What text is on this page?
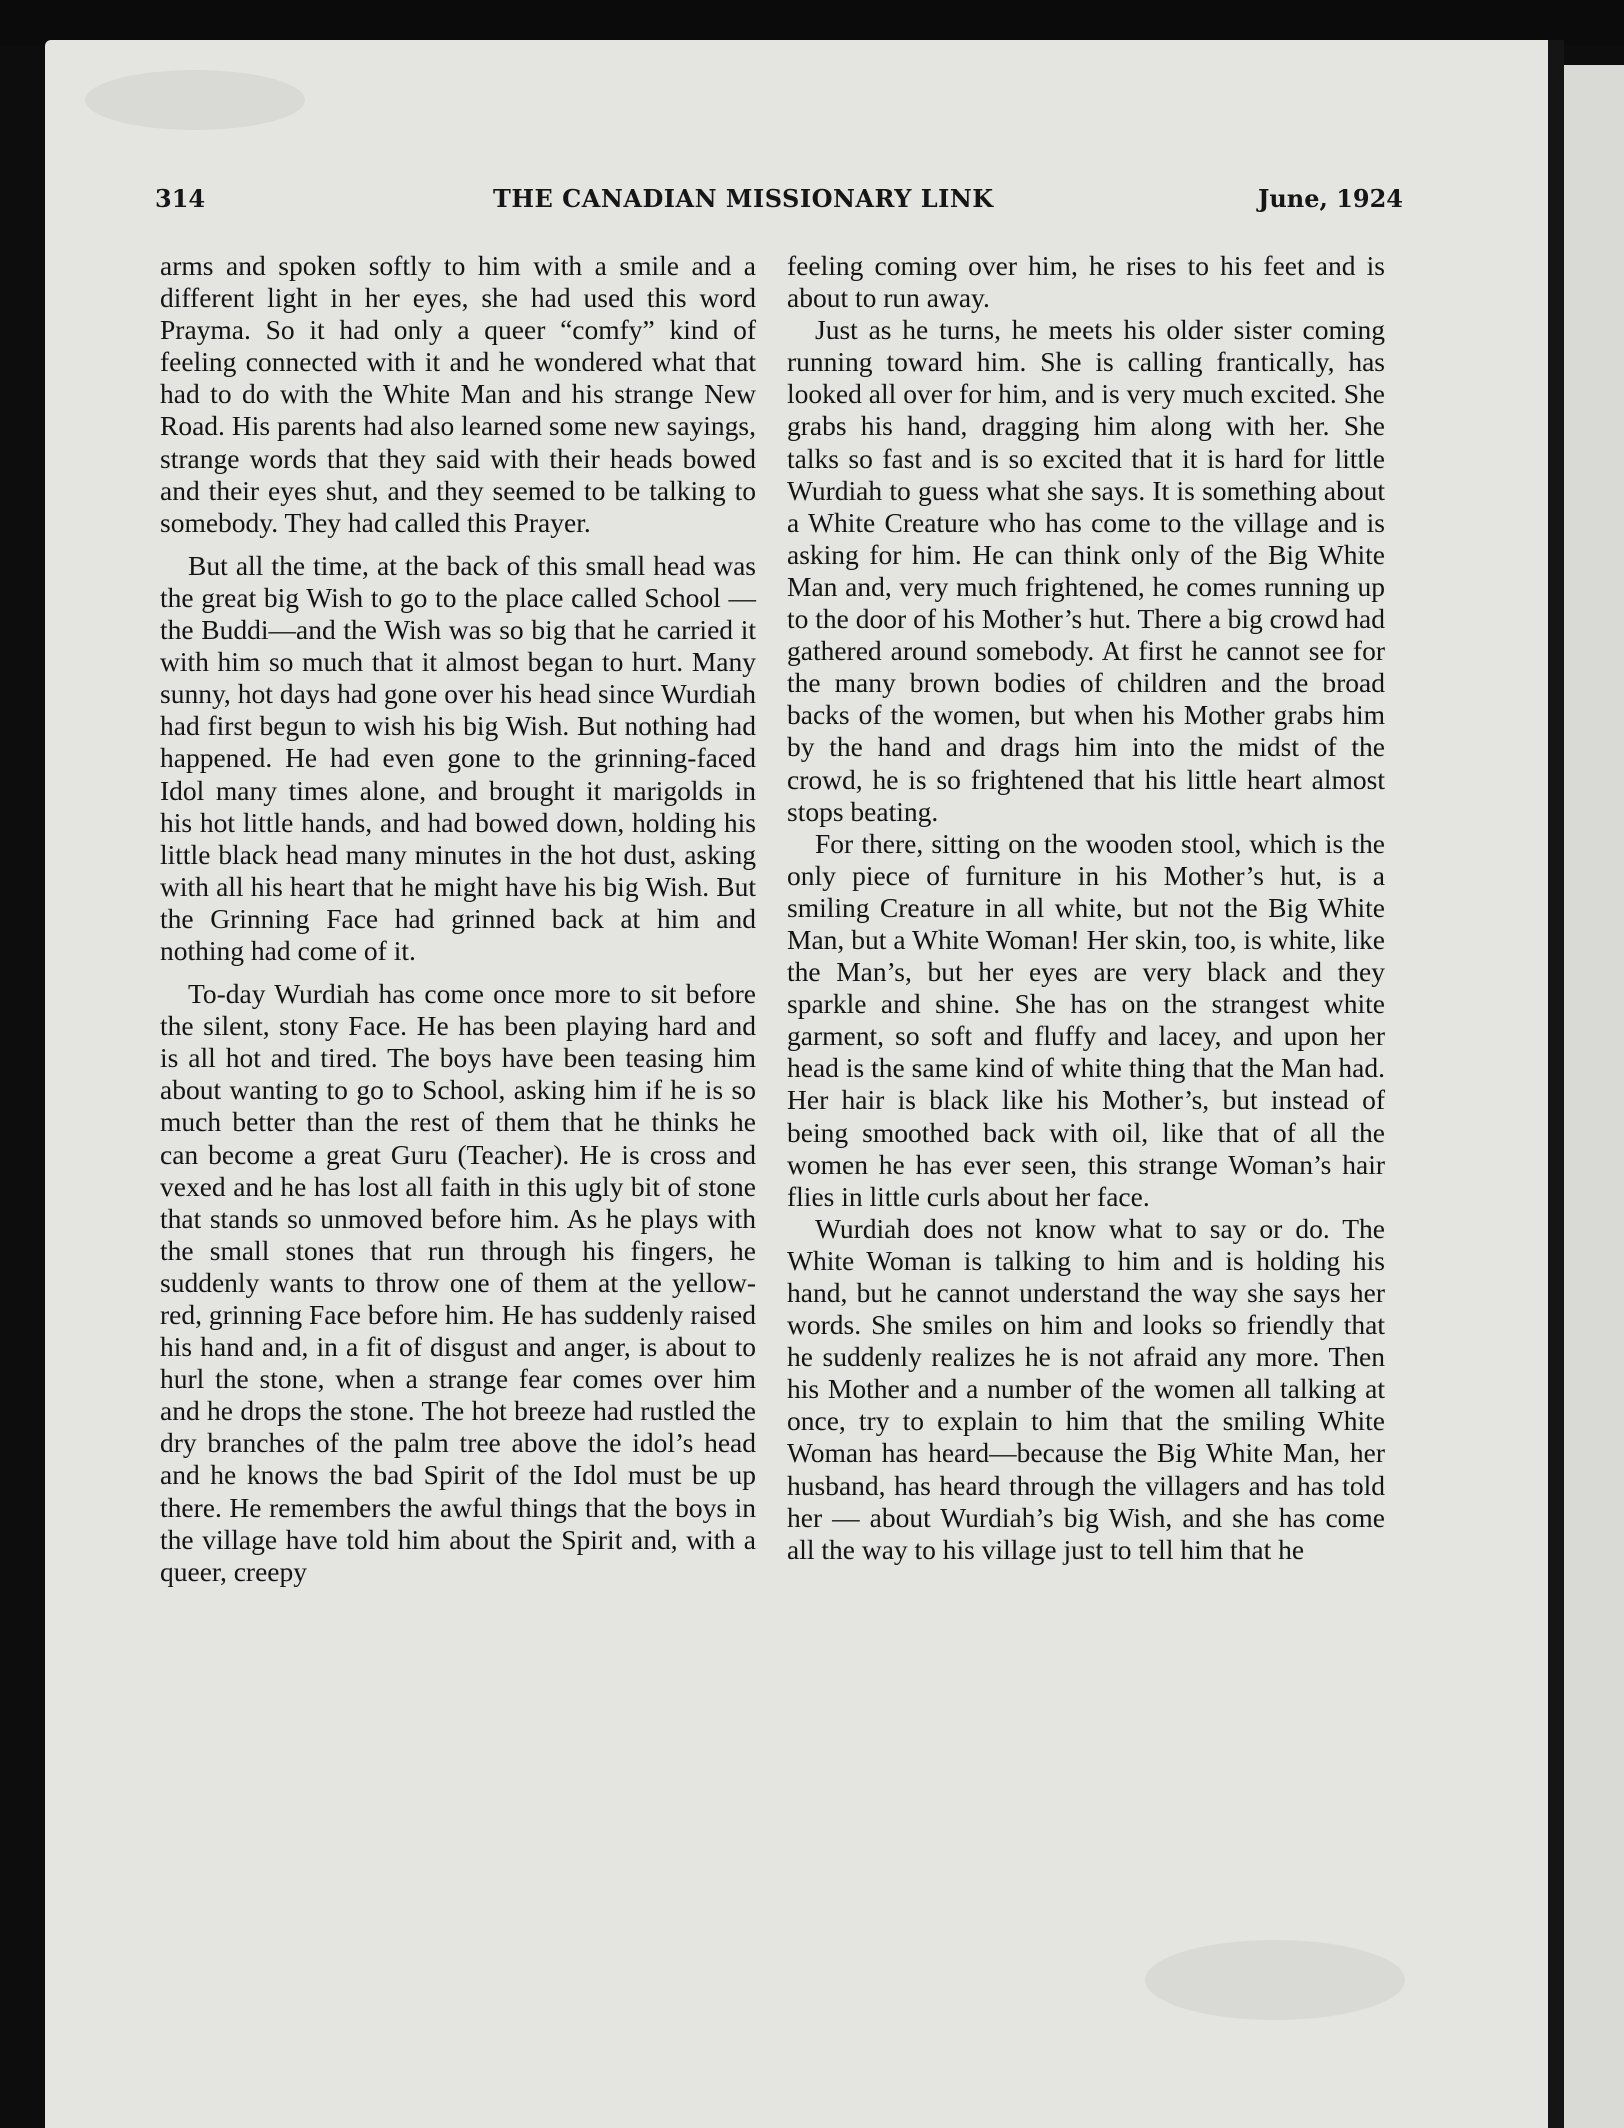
314	THE CANADIAN MISSIONARY LINK	June, 1924

arms and spoken softly to him with a smile and a different light in her eyes, she had used this word Prayma. So it had only a queer “comfy” kind of feeling connected with it and he wondered what that had to do with the White Man and his strange New Road. His parents had also learned some new sayings, strange words that they said with their heads bowed and their eyes shut, and they seemed to be talking to somebody. They had called this Prayer.

But all the time, at the back of this small head was the great big Wish to go to the place called School —the Buddi—and the Wish was so big that he carried it with him so much that it almost began to hurt. Many sunny, hot days had gone over his head since Wurdiah had first begun to wish his big Wish. But nothing had happened. He had even gone to the grinning-faced Idol many times alone, and brought it marigolds in his hot little hands, and had bowed down, holding his little black head many minutes in the hot dust, asking with all his heart that he might have his big Wish. But the Grinning Face had grinned back at him and nothing had come of it.

To-day Wurdiah has come once more to sit before the silent, stony Face. He has been playing hard and is all hot and tired. The boys have been teasing him about wanting to go to School, asking him if he is so much better than the rest of them that he thinks he can become a great Guru (Teacher). He is cross and vexed and he has lost all faith in this ugly bit of stone that stands so unmoved before him. As he plays with the small stones that run through his fingers, he suddenly wants to throw one of them at the yellow-red, grinning Face before him. He has suddenly raised his hand and, in a fit of disgust and anger, is about to hurl the stone, when a strange fear comes over him and he drops the stone. The hot breeze had rustled the dry branches of the palm tree above the idol’s head and he knows the bad Spirit of the Idol must be up there. He remembers the awful things that the boys in the village have told him about the Spirit and, with a queer, creepy

feeling coming over him, he rises to his feet and is about to run away.

Just as he turns, he meets his older sister coming running toward him. She is calling frantically, has looked all over for him, and is very much excited. She grabs his hand, dragging him along with her. She talks so fast and is so excited that it is hard for little Wurdiah to guess what she says. It is something about a White Creature who has come to the village and is asking for him. He can think only of the Big White Man and, very much frightened, he comes running up to the door of his Mother’s hut. There a big crowd had gathered around somebody. At first he cannot see for the many brown bodies of children and the broad backs of the women, but when his Mother grabs him by the hand and drags him into the midst of the crowd, he is so frightened that his little heart almost stops beating.

For there, sitting on the wooden stool, which is the only piece of furniture in his Mother’s hut, is a smiling Creature in all white, but not the Big White Man, but a White Woman! Her skin, too, is white, like the Man’s, but her eyes are very black and they sparkle and shine. She has on the strangest white garment, so soft and fluffy and lacey, and upon her head is the same kind of white thing that the Man had. Her hair is black like his Mother’s, but instead of being smoothed back with oil, like that of all the women he has ever seen, this strange Woman’s hair flies in little curls about her face.

Wurdiah does not know what to say or do. The White Woman is talking to him and is holding his hand, but he cannot understand the way she says her words. She smiles on him and looks so friendly that he suddenly realizes he is not afraid any more. Then his Mother and a number of the women all talking at once, try to explain to him that the smiling White Woman has heard—because the Big White Man, her husband, has heard through the villagers and has told her — about Wurdiah’s big Wish, and she has come all the way to his village just to tell him that he
